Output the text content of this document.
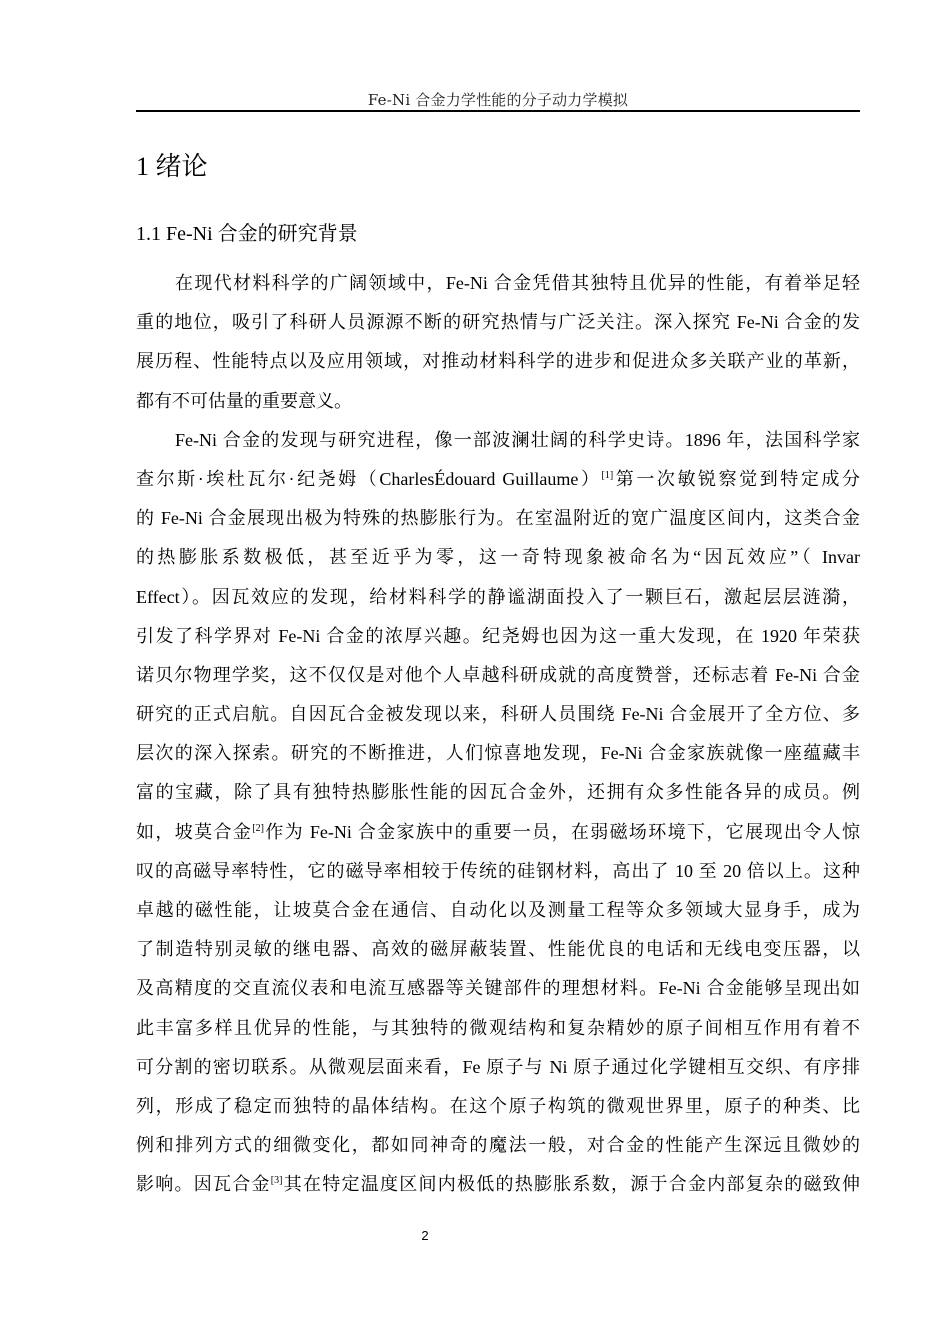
Fe-Ni 合金力学性能的分子动力学模拟
1 绪论
1.1 Fe-Ni 合金的研究背景
在现代材料科学的广阔领域中，Fe-Ni 合金凭借其独特且优异的性能，有着举足轻
重的地位，吸引了科研人员源源不断的研究热情与广泛关注。深入探究 Fe-Ni 合金的发
展历程、性能特点以及应用领域，对推动材料科学的进步和促进众多关联产业的革新，
都有不可估量的重要意义。
Fe-Ni 合金的发现与研究进程，像一部波澜壮阔的科学史诗。1896 年，法国科学家
查尔斯·埃杜瓦尔·纪尧姆（CharlesÉdouard Guillaume）[1]第一次敏锐察觉到特定成分
的 Fe-Ni 合金展现出极为特殊的热膨胀行为。在室温附近的宽广温度区间内，这类合金
的热膨胀系数极低，甚至近乎为零，这一奇特现象被命名为“因瓦效应”（ Invar
Effect）。因瓦效应的发现，给材料科学的静谧湖面投入了一颗巨石，激起层层涟漪，
引发了科学界对 Fe-Ni 合金的浓厚兴趣。纪尧姆也因为这一重大发现，在 1920 年荣获
诺贝尔物理学奖，这不仅仅是对他个人卓越科研成就的高度赞誉，还标志着 Fe-Ni 合金
研究的正式启航。自因瓦合金被发现以来，科研人员围绕 Fe-Ni 合金展开了全方位、多
层次的深入探索。研究的不断推进，人们惊喜地发现，Fe-Ni 合金家族就像一座蕴藏丰
富的宝藏，除了具有独特热膨胀性能的因瓦合金外，还拥有众多性能各异的成员。例
如，坡莫合金[2]作为 Fe-Ni 合金家族中的重要一员，在弱磁场环境下，它展现出令人惊
叹的高磁导率特性，它的磁导率相较于传统的硅钢材料，高出了 10 至 20 倍以上。这种
卓越的磁性能，让坡莫合金在通信、自动化以及测量工程等众多领域大显身手，成为
了制造特别灵敏的继电器、高效的磁屏蔽装置、性能优良的电话和无线电变压器，以
及高精度的交直流仪表和电流互感器等关键部件的理想材料。Fe-Ni 合金能够呈现出如
此丰富多样且优异的性能，与其独特的微观结构和复杂精妙的原子间相互作用有着不
可分割的密切联系。从微观层面来看，Fe 原子与 Ni 原子通过化学键相互交织、有序排
列，形成了稳定而独特的晶体结构。在这个原子构筑的微观世界里，原子的种类、比
例和排列方式的细微变化，都如同神奇的魔法一般，对合金的性能产生深远且微妙的
影响。因瓦合金[3]其在特定温度区间内极低的热膨胀系数，源于合金内部复杂的磁致伸
2
